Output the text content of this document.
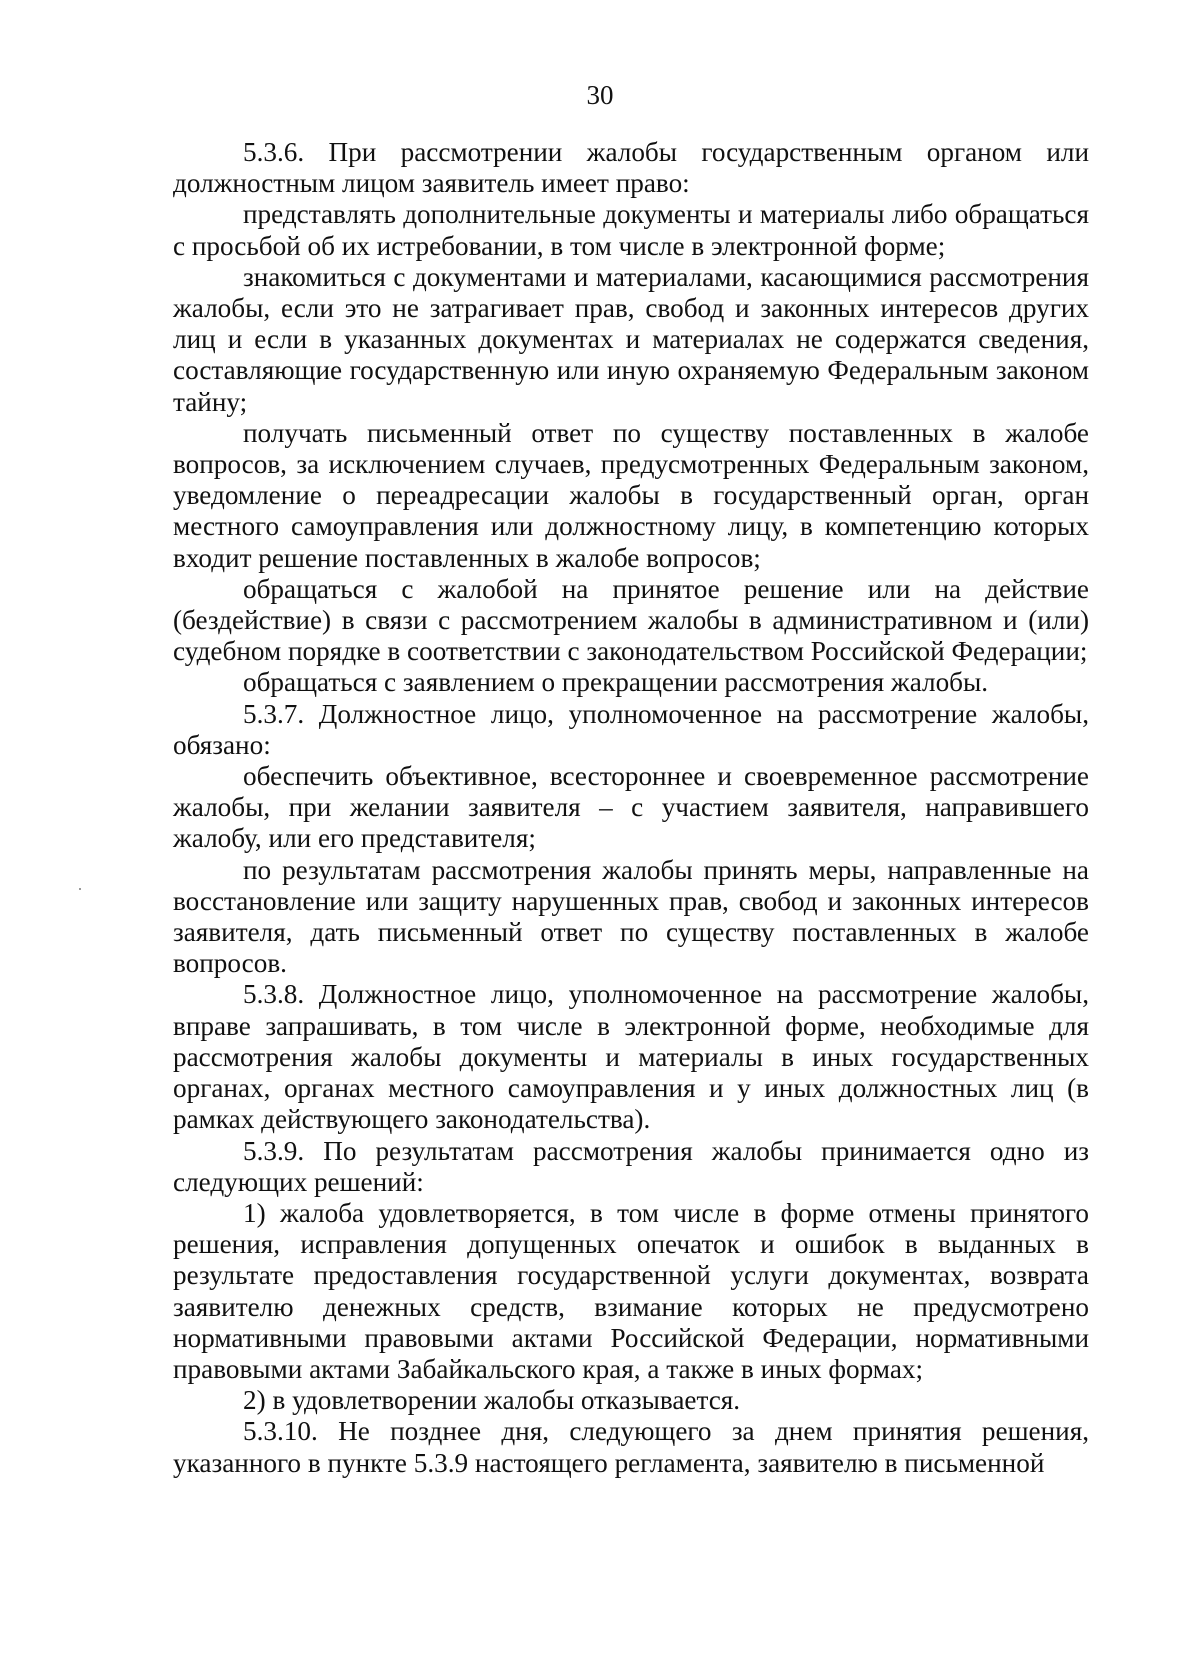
30

5.3.6. При рассмотрении жалобы государственным органом или должностным лицом заявитель имеет право:

представлять дополнительные документы и материалы либо обращаться с просьбой об их истребовании, в том числе в электронной форме;

знакомиться с документами и материалами, касающимися рассмотрения жалобы, если это не затрагивает прав, свобод и законных интересов других лиц и если в указанных документах и материалах не содержатся сведения, составляющие государственную или иную охраняемую Федеральным законом тайну;

получать письменный ответ по существу поставленных в жалобе вопросов, за исключением случаев, предусмотренных Федеральным законом, уведомление о переадресации жалобы в государственный орган, орган местного самоуправления или должностному лицу, в компетенцию которых входит решение поставленных в жалобе вопросов;

обращаться с жалобой на принятое решение или на действие (бездействие) в связи с рассмотрением жалобы в административном и (или) судебном порядке в соответствии с законодательством Российской Федерации;

обращаться с заявлением о прекращении рассмотрения жалобы.

5.3.7. Должностное лицо, уполномоченное на рассмотрение жалобы, обязано:

обеспечить объективное, всестороннее и своевременное рассмотрение жалобы, при желании заявителя – с участием заявителя, направившего жалобу, или его представителя;

по результатам рассмотрения жалобы принять меры, направленные на восстановление или защиту нарушенных прав, свобод и законных интересов заявителя, дать письменный ответ по существу поставленных в жалобе вопросов.

5.3.8. Должностное лицо, уполномоченное на рассмотрение жалобы, вправе запрашивать, в том числе в электронной форме, необходимые для рассмотрения жалобы документы и материалы в иных государственных органах, органах местного самоуправления и у иных должностных лиц (в рамках действующего законодательства).

5.3.9. По результатам рассмотрения жалобы принимается одно из следующих решений:

1) жалоба удовлетворяется, в том числе в форме отмены принятого решения, исправления допущенных опечаток и ошибок в выданных в результате предоставления государственной услуги документах, возврата заявителю денежных средств, взимание которых не предусмотрено нормативными правовыми актами Российской Федерации, нормативными правовыми актами Забайкальского края, а также в иных формах;

2) в удовлетворении жалобы отказывается.

5.3.10. Не позднее дня, следующего за днем принятия решения, указанного в пункте 5.3.9 настоящего регламента, заявителю в письменной
